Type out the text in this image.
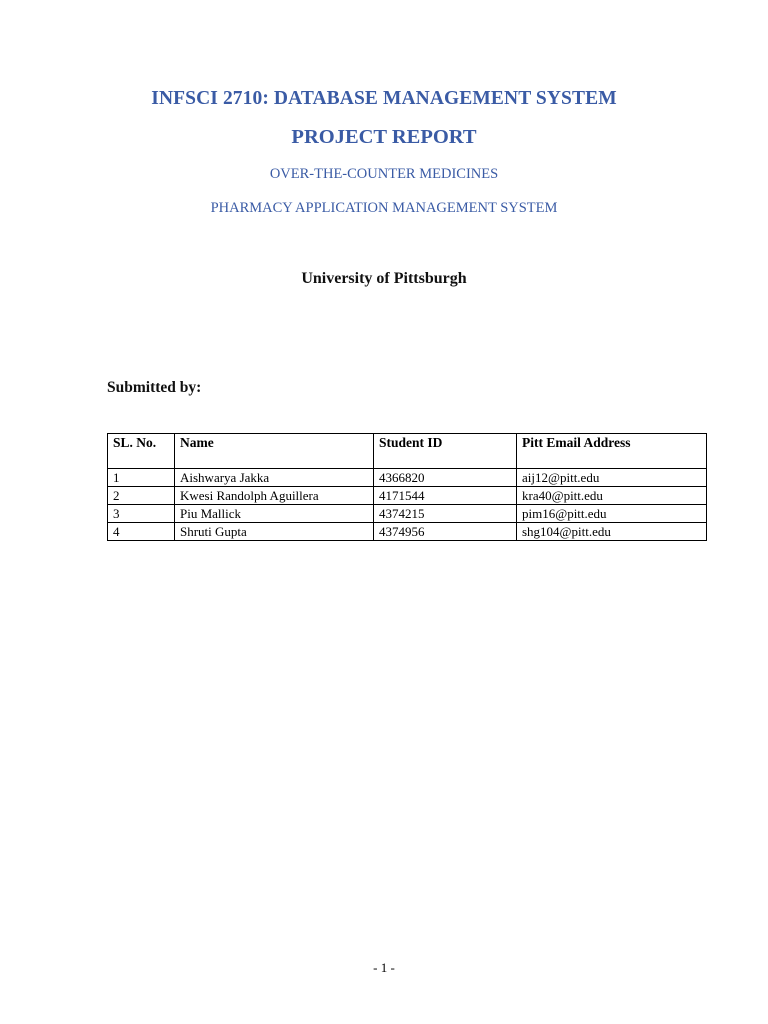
INFSCI 2710: DATABASE MANAGEMENT SYSTEM
PROJECT REPORT
OVER-THE-COUNTER MEDICINES
PHARMACY APPLICATION MANAGEMENT SYSTEM
University of Pittsburgh
Submitted by:
SL. No.	Name	Student ID	Pitt Email Address
1	Aishwarya Jakka	4366820	aij12@pitt.edu
2	Kwesi Randolph Aguillera	4171544	kra40@pitt.edu
3	Piu Mallick	4374215	pim16@pitt.edu
4	Shruti Gupta	4374956	shg104@pitt.edu
- 1 -
